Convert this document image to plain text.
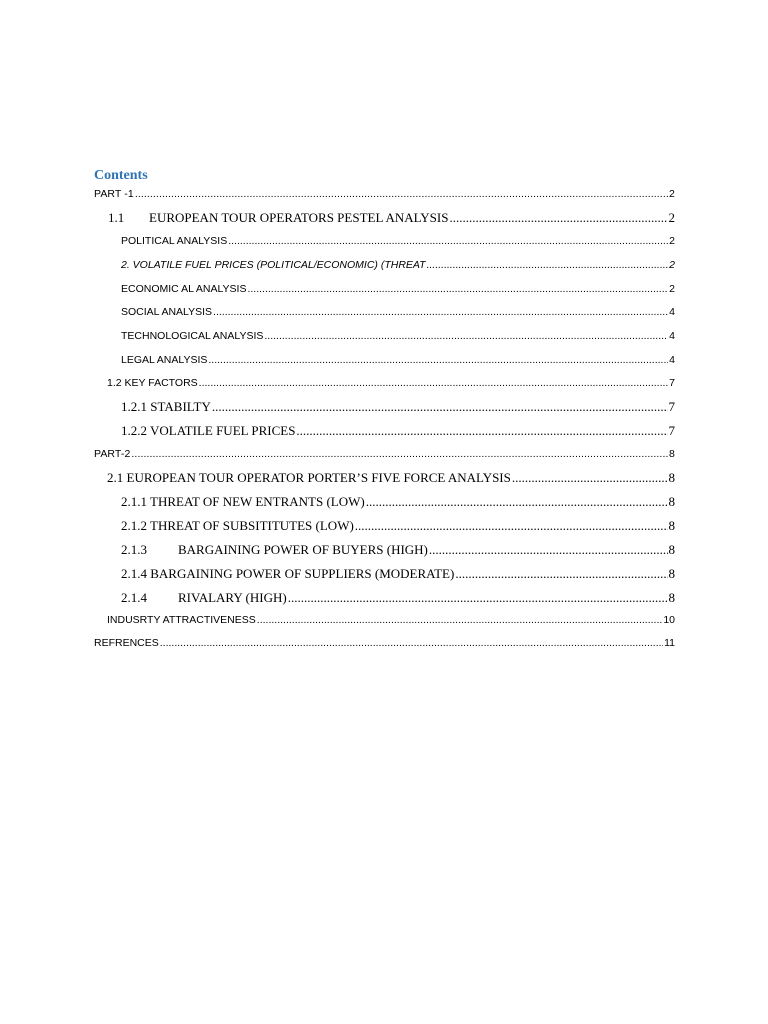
Contents
PART -1 .....	2
1.1 EUROPEAN TOUR OPERATORS PESTEL ANALYSIS .....	2
POLITICAL ANALYSIS .....	2
2. VOLATILE FUEL PRICES (POLITICAL/ECONOMIC) (THREAT .....	2
ECONOMIC AL ANALYSIS .....	2
SOCIAL ANALYSIS .....	4
TECHNOLOGICAL ANALYSIS .....	4
LEGAL ANALYSIS .....	4
1.2 KEY FACTORS .....	7
1.2.1 STABILTY .....	7
1.2.2 VOLATILE FUEL PRICES .....	7
PART-2 .....	8
2.1 EUROPEAN TOUR OPERATOR PORTER’S FIVE FORCE ANALYSIS .....	8
2.1.1 THREAT OF NEW ENTRANTS (LOW) .....	8
2.1.2 THREAT OF SUBSITITUTES (LOW) .....	8
2.1.3 BARGAINING POWER OF BUYERS (HIGH) .....	8
2.1.4 BARGAINING POWER OF SUPPLIERS (MODERATE) .....	8
2.1.4 RIVALARY (HIGH) .....	8
INDUSRTY ATTRACTIVENESS .....	10
REFRENCES .....	11
